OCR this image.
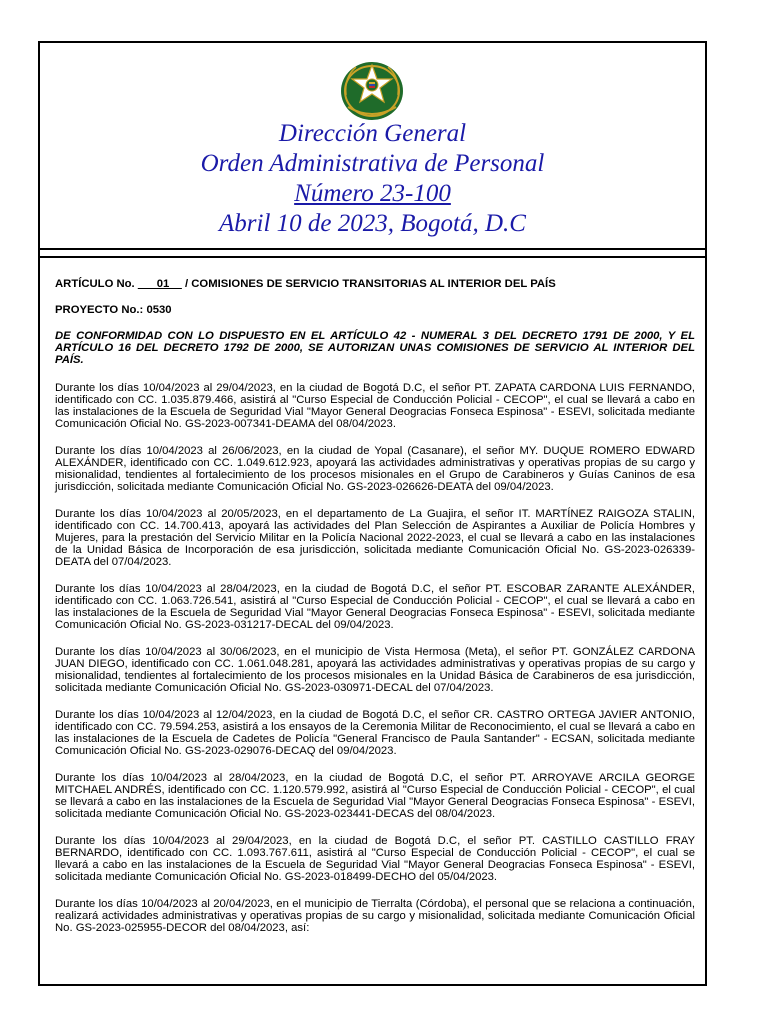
Dirección General
Orden Administrativa de Personal
Número 23-100
Abril 10 de 2023, Bogotá, D.C
ARTÍCULO No. ___01__ / COMISIONES DE SERVICIO TRANSITORIAS AL INTERIOR DEL PAÍS
PROYECTO No.: 0530
DE CONFORMIDAD CON LO DISPUESTO EN EL ARTÍCULO 42 - NUMERAL 3 DEL DECRETO 1791 DE 2000, Y EL ARTÍCULO 16 DEL DECRETO 1792 DE 2000, SE AUTORIZAN UNAS COMISIONES DE SERVICIO AL INTERIOR DEL PAÍS.
Durante los días 10/04/2023 al 29/04/2023, en la ciudad de Bogotá D.C, el señor PT. ZAPATA CARDONA LUIS FERNANDO, identificado con CC. 1.035.879.466, asistirá al "Curso Especial de Conducción Policial - CECOP", el cual se llevará a cabo en las instalaciones de la Escuela de Seguridad Vial "Mayor General Deogracias Fonseca Espinosa" - ESEVI, solicitada mediante Comunicación Oficial No. GS-2023-007341-DEAMA del 08/04/2023.
Durante los días 10/04/2023 al 26/06/2023, en la ciudad de Yopal (Casanare), el señor MY. DUQUE ROMERO EDWARD ALEXÁNDER, identificado con CC. 1.049.612.923, apoyará las actividades administrativas y operativas propias de su cargo y misionalidad, tendientes al fortalecimiento de los procesos misionales en el Grupo de Carabineros y Guías Caninos de esa jurisdicción, solicitada mediante Comunicación Oficial No. GS-2023-026626-DEATA del 09/04/2023.
Durante los días 10/04/2023 al 20/05/2023, en el departamento de La Guajira, el señor IT. MARTÍNEZ RAIGOZA STALIN, identificado con CC. 14.700.413, apoyará las actividades del Plan Selección de Aspirantes a Auxiliar de Policía Hombres y Mujeres, para la prestación del Servicio Militar en la Policía Nacional 2022-2023, el cual se llevará a cabo en las instalaciones de la Unidad Básica de Incorporación de esa jurisdicción, solicitada mediante Comunicación Oficial No. GS-2023-026339-DEATA del 07/04/2023.
Durante los días 10/04/2023 al 28/04/2023, en la ciudad de Bogotá D.C, el señor PT. ESCOBAR ZARANTE ALEXÁNDER, identificado con CC. 1.063.726.541, asistirá al "Curso Especial de Conducción Policial - CECOP", el cual se llevará a cabo en las instalaciones de la Escuela de Seguridad Vial "Mayor General Deogracias Fonseca Espinosa" - ESEVI, solicitada mediante Comunicación Oficial No. GS-2023-031217-DECAL del 09/04/2023.
Durante los días 10/04/2023 al 30/06/2023, en el municipio de Vista Hermosa (Meta), el señor PT. GONZÁLEZ CARDONA JUAN DIEGO, identificado con CC. 1.061.048.281, apoyará las actividades administrativas y operativas propias de su cargo y misionalidad, tendientes al fortalecimiento de los procesos misionales en la Unidad Básica de Carabineros de esa jurisdicción, solicitada mediante Comunicación Oficial No. GS-2023-030971-DECAL del 07/04/2023.
Durante los días 10/04/2023 al 12/04/2023, en la ciudad de Bogotá D.C, el señor CR. CASTRO ORTEGA JAVIER ANTONIO, identificado con CC. 79.594.253, asistirá a los ensayos de la Ceremonia Militar de Reconocimiento, el cual se llevará a cabo en las instalaciones de la Escuela de Cadetes de Policía "General Francisco de Paula Santander" - ECSAN, solicitada mediante Comunicación Oficial No. GS-2023-029076-DECAQ del 09/04/2023.
Durante los días 10/04/2023 al 28/04/2023, en la ciudad de Bogotá D.C, el señor PT. ARROYAVE ARCILA GEORGE MITCHAEL ANDRÉS, identificado con CC. 1.120.579.992, asistirá al "Curso Especial de Conducción Policial - CECOP", el cual se llevará a cabo en las instalaciones de la Escuela de Seguridad Vial "Mayor General Deogracias Fonseca Espinosa" - ESEVI, solicitada mediante Comunicación Oficial No. GS-2023-023441-DECAS del 08/04/2023.
Durante los días 10/04/2023 al 29/04/2023, en la ciudad de Bogotá D.C, el señor PT. CASTILLO CASTILLO FRAY BERNARDO, identificado con CC. 1.093.767.611, asistirá al "Curso Especial de Conducción Policial - CECOP", el cual se llevará a cabo en las instalaciones de la Escuela de Seguridad Vial "Mayor General Deogracias Fonseca Espinosa" - ESEVI, solicitada mediante Comunicación Oficial No. GS-2023-018499-DECHO del 05/04/2023.
Durante los días 10/04/2023 al 20/04/2023, en el municipio de Tierralta (Córdoba), el personal que se relaciona a continuación, realizará actividades administrativas y operativas propias de su cargo y misionalidad, solicitada mediante Comunicación Oficial No. GS-2023-025955-DECOR del 08/04/2023, así:
